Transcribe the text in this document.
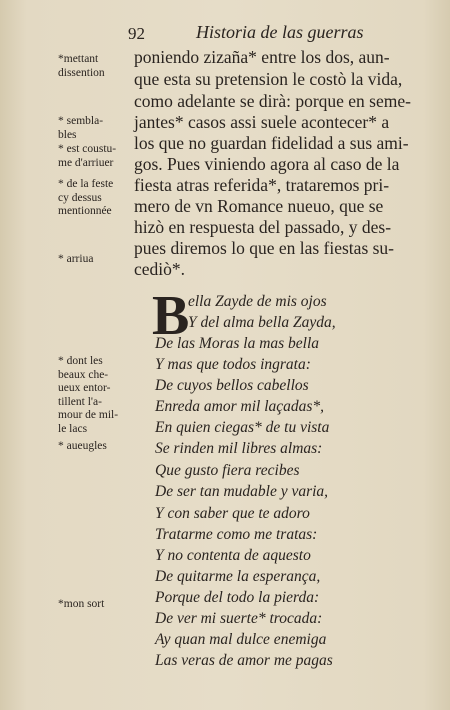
92	Historia de las guerras
poniendo zizaña* entre los dos, aun-
que esta su pretension le costò la vida,
como adelante se dirà: porque en seme-
jantes* casos assi suele acontecer* a
los que no guardan fidelidad a sus ami-
gos. Pues viniendo agora al caso de la
fiesta atras referida*, trataremos pri-
mero de vn Romance nueuo, que se
hizò en respuesta del passado, y des-
pues diremos lo que en las fiestas su-
cediò*.
B
ella Zayde de mis ojos
Y del alma bella Zayda,
De las Moras la mas bella
Y mas que todos ingrata:
De cuyos bellos cabellos
Enreda amor mil laçadas*,
En quien ciegas* de tu vista
Se rinden mil libres almas:
Que gusto fiera recibes
De ser tan mudable y varia,
Y con saber que te adoro
Tratarme como me tratas:
Y no contenta de aquesto
De quitarme la esperança,
Porque del todo la pierda:
De ver mi suerte* trocada:
Ay quan mal dulce enemiga
Las veras de amor me pagas
*mettant
dissention
* sembla-
bles
* est coustu-
me d'arriuer
* de la feste
cy dessus
mentionnée
* arriua
* dont les
beaux che-
ueux entor-
tillent l'a-
mour de mil-
le lacs
* aueugles
*mon sort
